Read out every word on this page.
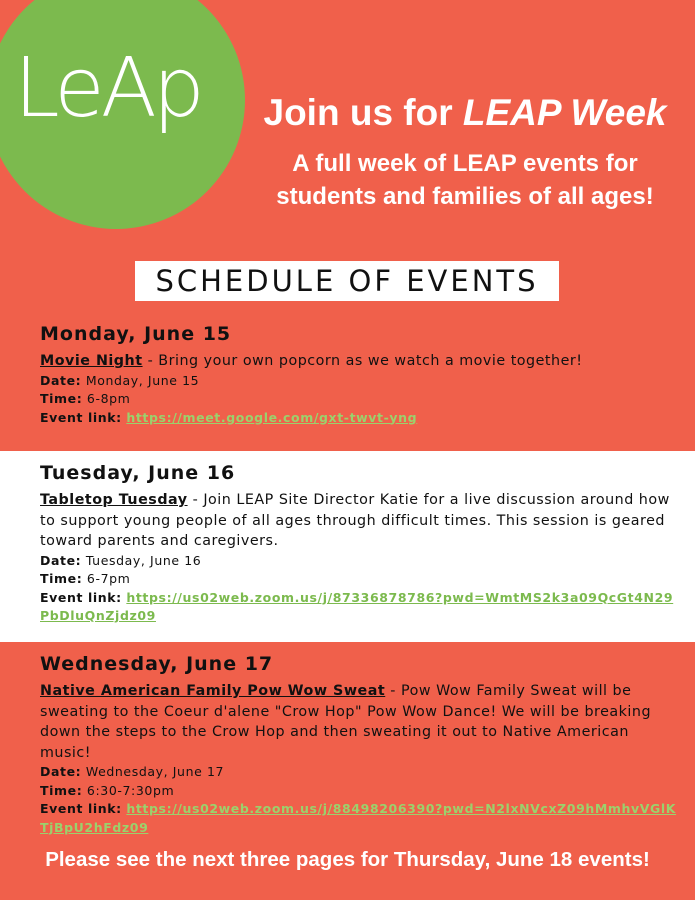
LeAp	Join us for LEAP Week
A full week of LEAP events for
students and families of all ages!
SCHEDULE OF EVENTS
Monday, June 15
Movie Night - Bring your own popcorn as we watch a movie together!
Date: Monday, June 15
Time: 6-8pm
Event link: https://meet.google.com/gxt-twvt-yng
Tuesday, June 16
Tabletop Tuesday - Join LEAP Site Director Katie for a live discussion around how to support young people of all ages through difficult times. This session is geared toward parents and caregivers.
Date: Tuesday, June 16
Time: 6-7pm
Event link: https://us02web.zoom.us/j/87336878786?pwd=WmtMS2k3a09QcGt4N29PbDluQnZjdz09
Wednesday, June 17
Native American Family Pow Wow Sweat - Pow Wow Family Sweat will be sweating to the Coeur d'alene "Crow Hop" Pow Wow Dance! We will be breaking down the steps to the Crow Hop and then sweating it out to Native American music!
Date: Wednesday, June 17
Time: 6:30-7:30pm
Event link: https://us02web.zoom.us/j/88498206390?pwd=N2lxNVcxZ09hMmhvVGlKTjBpU2hFdz09
Please see the next three pages for Thursday, June 18 events!
